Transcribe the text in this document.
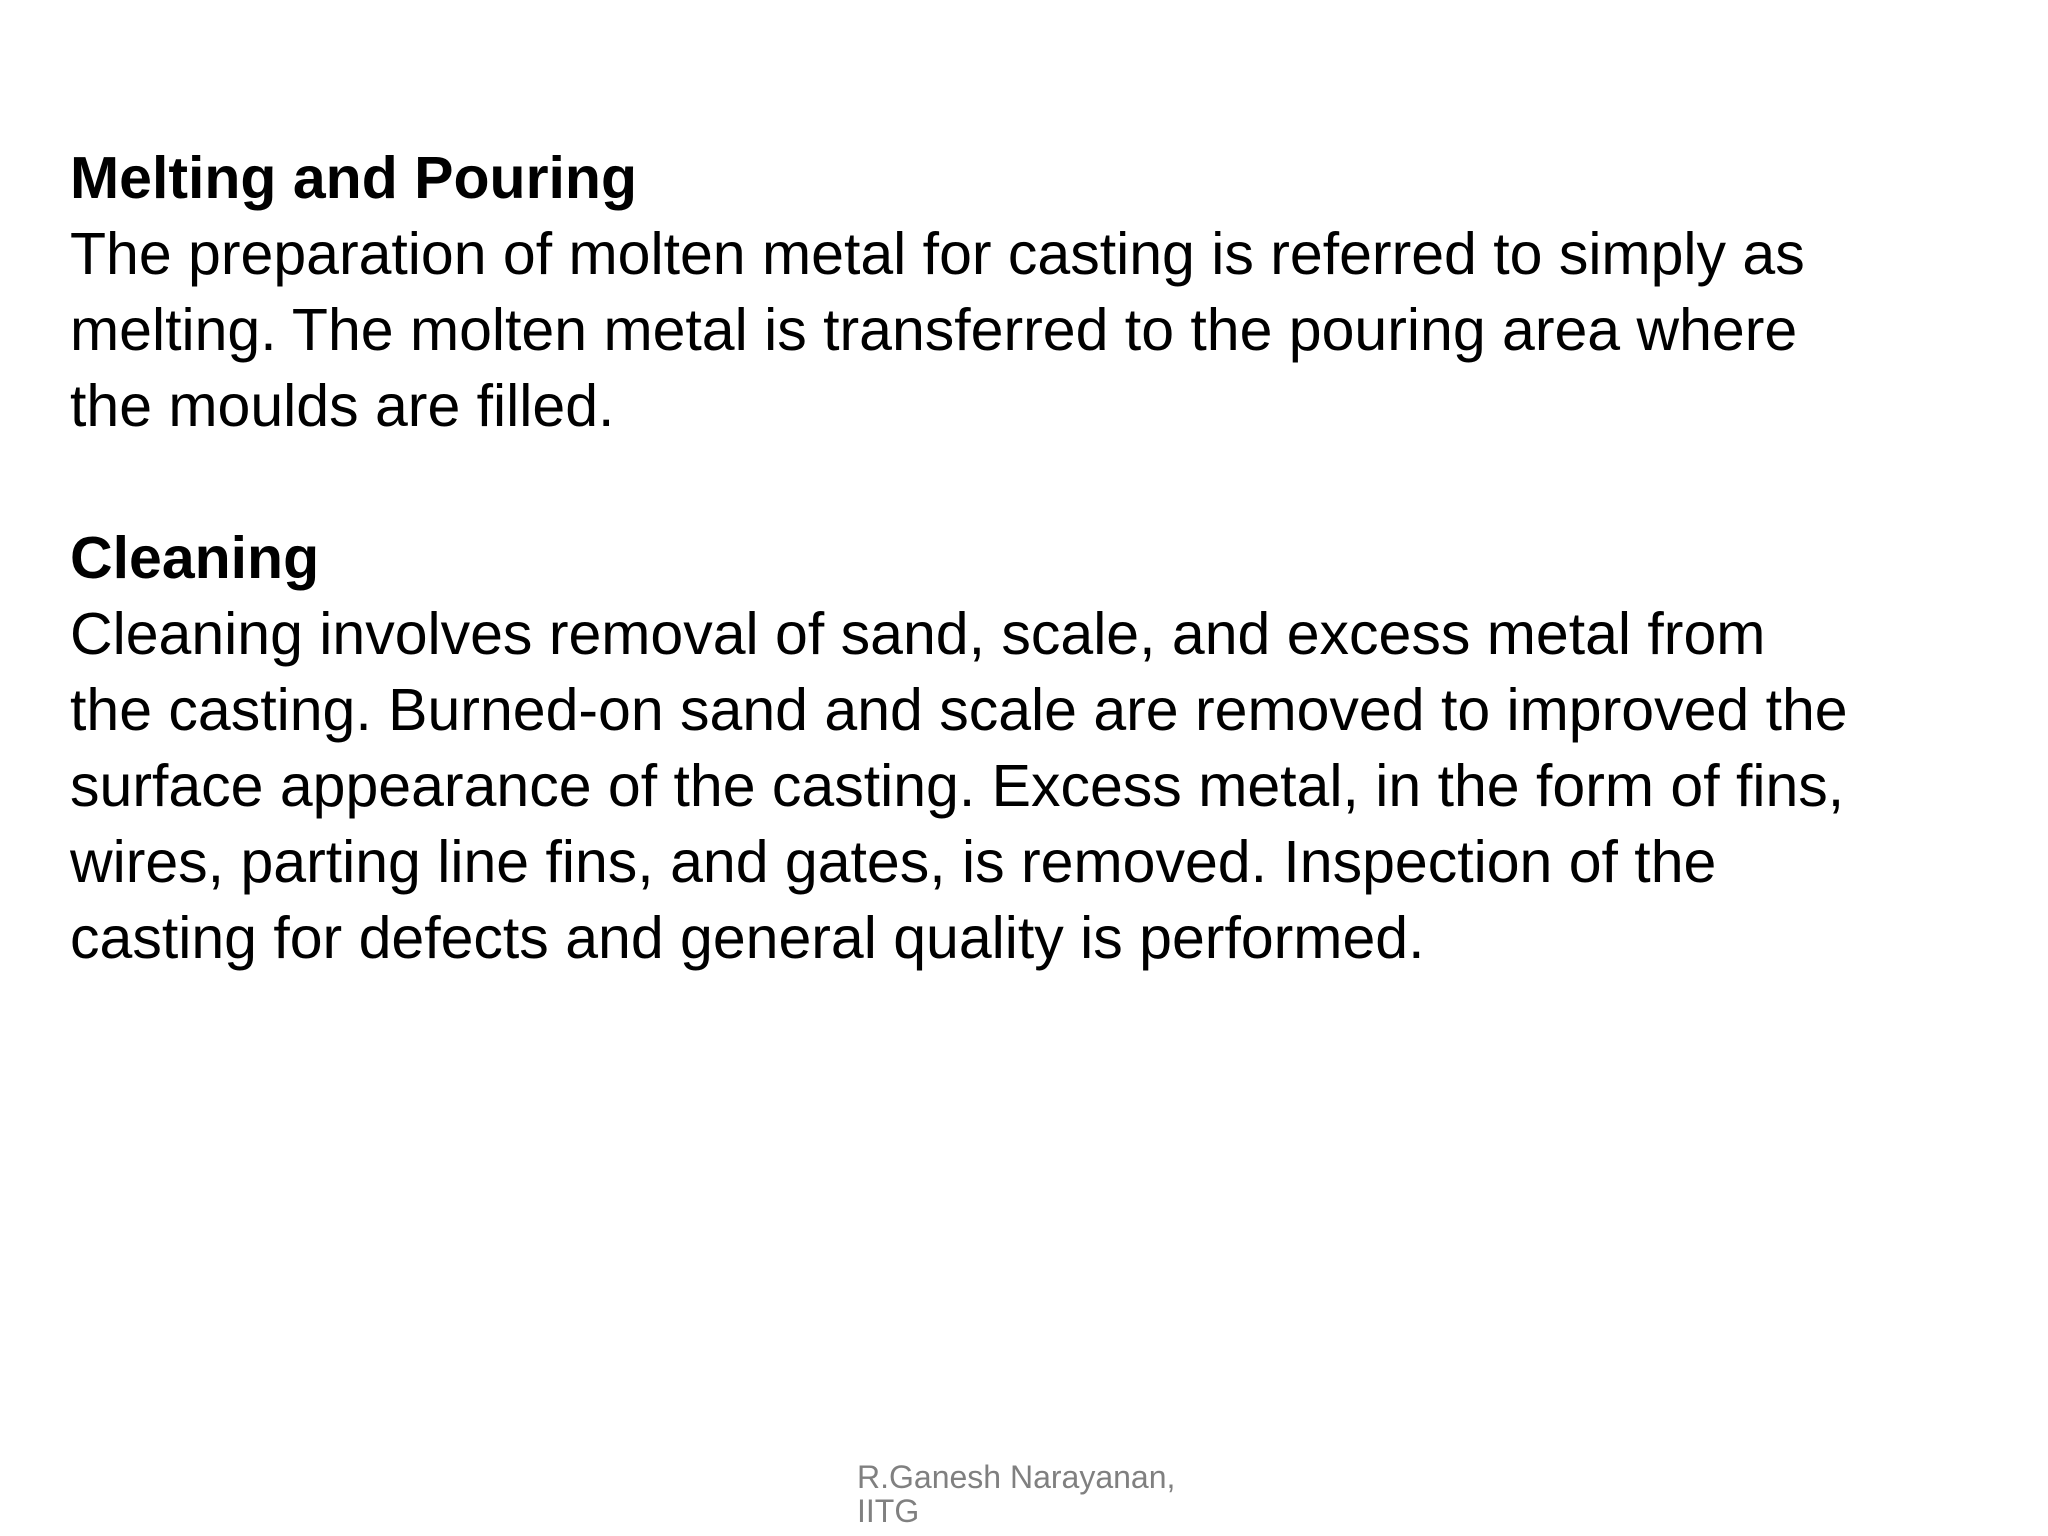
Melting and Pouring

The preparation of molten metal for casting is referred to simply as
melting. The molten metal is transferred to the pouring area where
the moulds are filled.

Cleaning

Cleaning involves removal of sand, scale, and excess metal from
the casting. Burned-on sand and scale are removed to improved the
surface appearance of the casting. Excess metal, in the form of fins,
wires, parting line fins, and gates, is removed. Inspection of the
casting for defects and general quality is performed.

R.Ganesh Narayanan,
IITG
